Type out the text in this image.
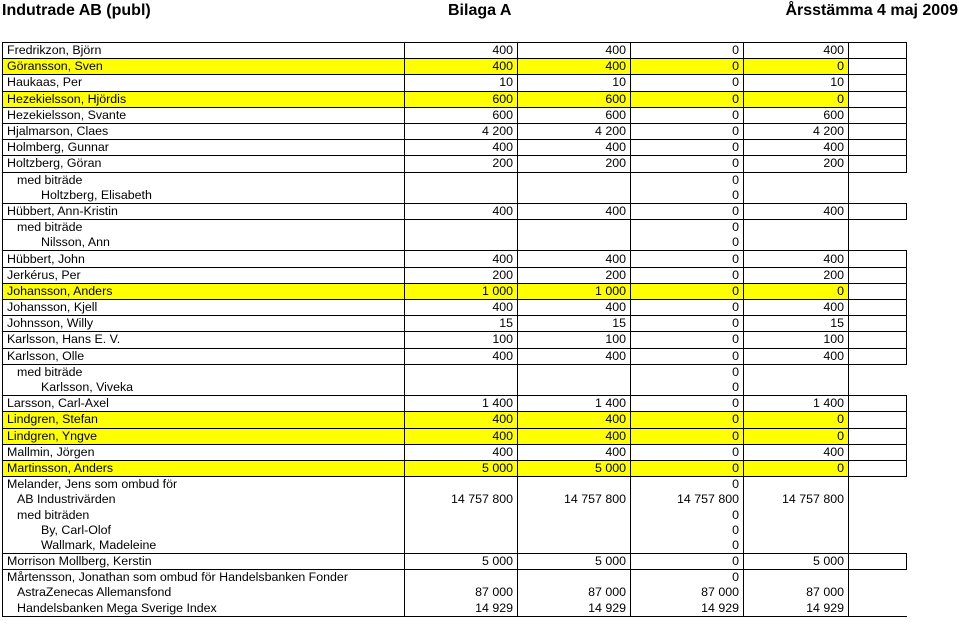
Indutrade AB (publ)	Bilaga A	Årsstämma 4 maj 2009
Fredrikzon, Björn	400	400	0	400	
Göransson, Sven	400	400	0	0	
Haukaas, Per	10	10	0	10	
Hezekielsson, Hjördis	600	600	0	0	
Hezekielsson, Svante	600	600	0	600	
Hjalmarson, Claes	4 200	4 200	0	4 200	
Holmberg, Gunnar	400	400	0	400	
Holtzberg, Göran	200	200	0	200	
med biträde			0		
Holtzberg, Elisabeth			0		
Hübbert, Ann-Kristin	400	400	0	400	
med biträde			0		
Nilsson, Ann			0		
Hübbert, John	400	400	0	400	
Jerkérus, Per	200	200	0	200	
Johansson, Anders	1 000	1 000	0	0	
Johansson, Kjell	400	400	0	400	
Johnsson, Willy	15	15	0	15	
Karlsson, Hans E. V.	100	100	0	100	
Karlsson, Olle	400	400	0	400	
med biträde			0		
Karlsson, Viveka			0		
Larsson, Carl-Axel	1 400	1 400	0	1 400	
Lindgren, Stefan	400	400	0	0	
Lindgren, Yngve	400	400	0	0	
Mallmin, Jörgen	400	400	0	400	
Martinsson, Anders	5 000	5 000	0	0	
Melander, Jens som ombud för			0		
AB Industrivärden	14 757 800	14 757 800	14 757 800	14 757 800	
med biträden			0		
By, Carl-Olof			0		
Wallmark, Madeleine			0		
Morrison Mollberg, Kerstin	5 000	5 000	0	5 000	
Mårtensson, Jonathan som ombud för Handelsbanken Fonder			0		
AstraZenecas Allemansfond	87 000	87 000	87 000	87 000	
Handelsbanken Mega Sverige Index	14 929	14 929	14 929	14 929	
